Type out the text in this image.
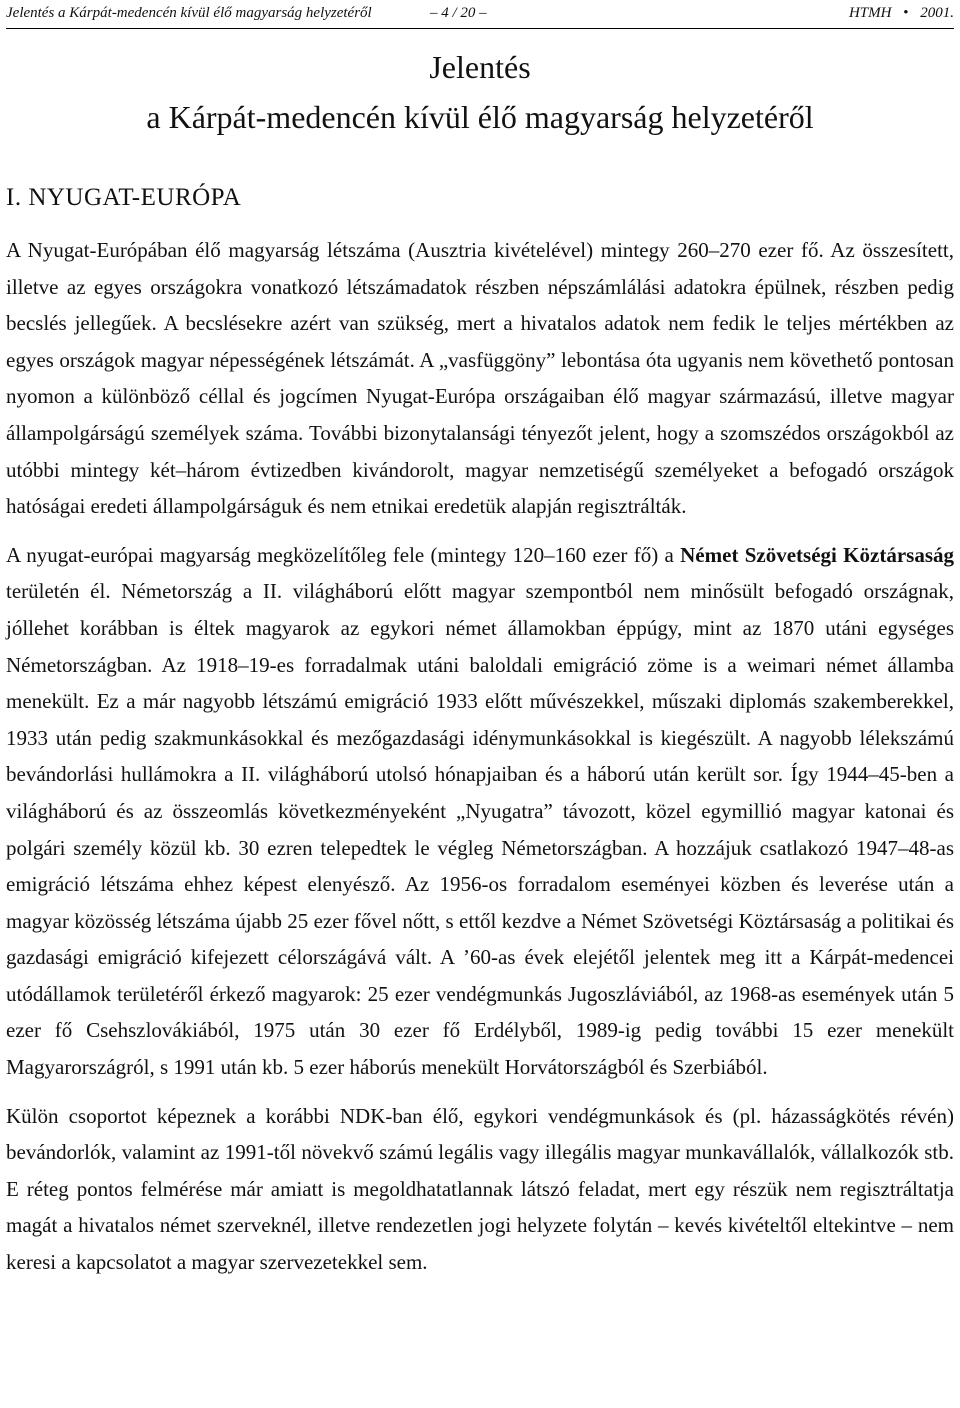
Jelentés a Kárpát-medencén kívül élő magyarság helyzetéről	– 4 / 20 –	HTMH • 2001.
Jelentés
a Kárpát-medencén kívül élő magyarság helyzetéről
I. NYUGAT-EURÓPA

A Nyugat-Európában élő magyarság létszáma (Ausztria kivételével) mintegy 260–270 ezer fő. Az összesített, illetve az egyes országokra vonatkozó létszámadatok részben népszámlálási adatokra épülnek, részben pedig becslés jellegűek. A becslésekre azért van szükség, mert a hivatalos adatok nem fedik le teljes mértékben az egyes országok magyar népességének létszámát. A „vasfüggöny” lebontása óta ugyanis nem követhető pontosan nyomon a különböző céllal és jogcímen Nyugat-Európa országaiban élő magyar származású, illetve magyar állampolgárságú személyek száma. További bizonytalansági tényezőt jelent, hogy a szomszédos országokból az utóbbi mintegy két–három évtizedben kivándorolt, magyar nemzetiségű személyeket a befogadó országok hatóságai eredeti állampolgárságuk és nem etnikai eredetük alapján regisztrálták.

A nyugat-európai magyarság megközelítőleg fele (mintegy 120–160 ezer fő) a Német Szövetségi Köztársaság területén él. Németország a II. világháború előtt magyar szempontból nem minősült befogadó országnak, jóllehet korábban is éltek magyarok az egykori német államokban éppúgy, mint az 1870 utáni egységes Németországban. Az 1918–19-es forradalmak utáni baloldali emigráció zöme is a weimari német államba menekült. Ez a már nagyobb létszámú emigráció 1933 előtt művészekkel, műszaki diplomás szakemberekkel, 1933 után pedig szakmunkásokkal és mezőgazdasági idénymunkásokkal is kiegészült. A nagyobb lélekszámú bevándorlási hullámokra a II. világháború utolsó hónapjaiban és a háború után került sor. Így 1944–45-ben a világháború és az összeomlás következményeként „Nyugatra” távozott, közel egymillió magyar katonai és polgári személy közül kb. 30 ezren telepedtek le végleg Németországban. A hozzájuk csatlakozó 1947–48-as emigráció létszáma ehhez képest elenyésző. Az 1956-os forradalom eseményei közben és leverése után a magyar közösség létszáma újabb 25 ezer fővel nőtt, s ettől kezdve a Német Szövetségi Köztársaság a politikai és gazdasági emigráció kifejezett célországává vált. A ’60-as évek elejétől jelentek meg itt a Kárpát-medencei utódállamok területéről érkező magyarok: 25 ezer vendégmunkás Jugoszláviából, az 1968-as események után 5 ezer fő Csehszlovákiából, 1975 után 30 ezer fő Erdélyből, 1989-ig pedig további 15 ezer menekült Magyarországról, s 1991 után kb. 5 ezer háborús menekült Horvátországból és Szerbiából.

Külön csoportot képeznek a korábbi NDK-ban élő, egykori vendégmunkások és (pl. házasságkötés révén) bevándorlók, valamint az 1991-től növekvő számú legális vagy illegális magyar munkavállalók, vállalkozók stb. E réteg pontos felmérése már amiatt is megoldhatatlannak látszó feladat, mert egy részük nem regisztráltatja magát a hivatalos német szerveknél, illetve rendezetlen jogi helyzete folytán – kevés kivételtől eltekintve – nem keresi a kapcsolatot a magyar szervezetekkel sem.
